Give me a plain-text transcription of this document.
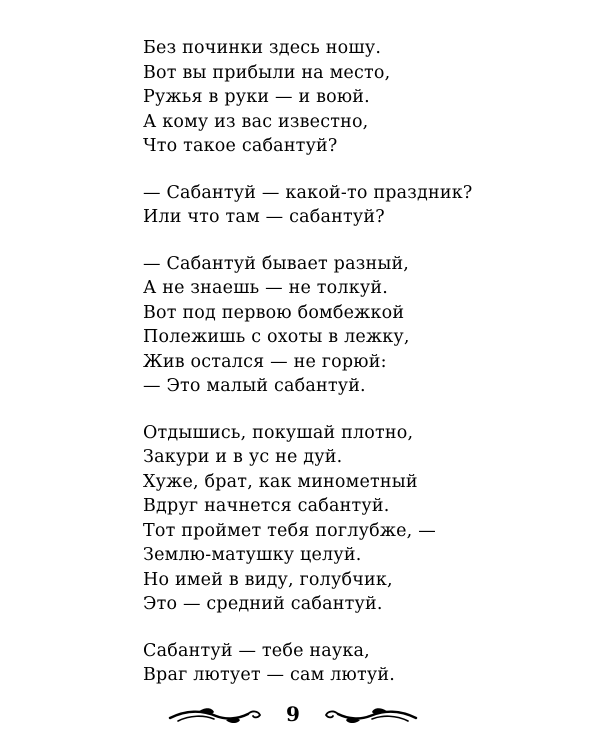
Без починки здесь ношу.
Вот вы прибыли на место,
Ружья в руки — и воюй.
А кому из вас известно,
Что такое сабантуй?
— Сабантуй — какой-то праздник?
Или что там — сабантуй?
— Сабантуй бывает разный,
А не знаешь — не толкуй.
Вот под первою бомбежкой
Полежишь с охоты в лежку,
Жив остался — не горюй:
— Это малый сабантуй.
Отдышись, покушай плотно,
Закури и в ус не дуй.
Хуже, брат, как минометный
Вдруг начнется сабантуй.
Тот проймет тебя поглубже, —
Землю-матушку целуй.
Но имей в виду, голубчик,
Это — средний сабантуй.
Сабантуй — тебе наука,
Враг лютует — сам лютуй.
9
